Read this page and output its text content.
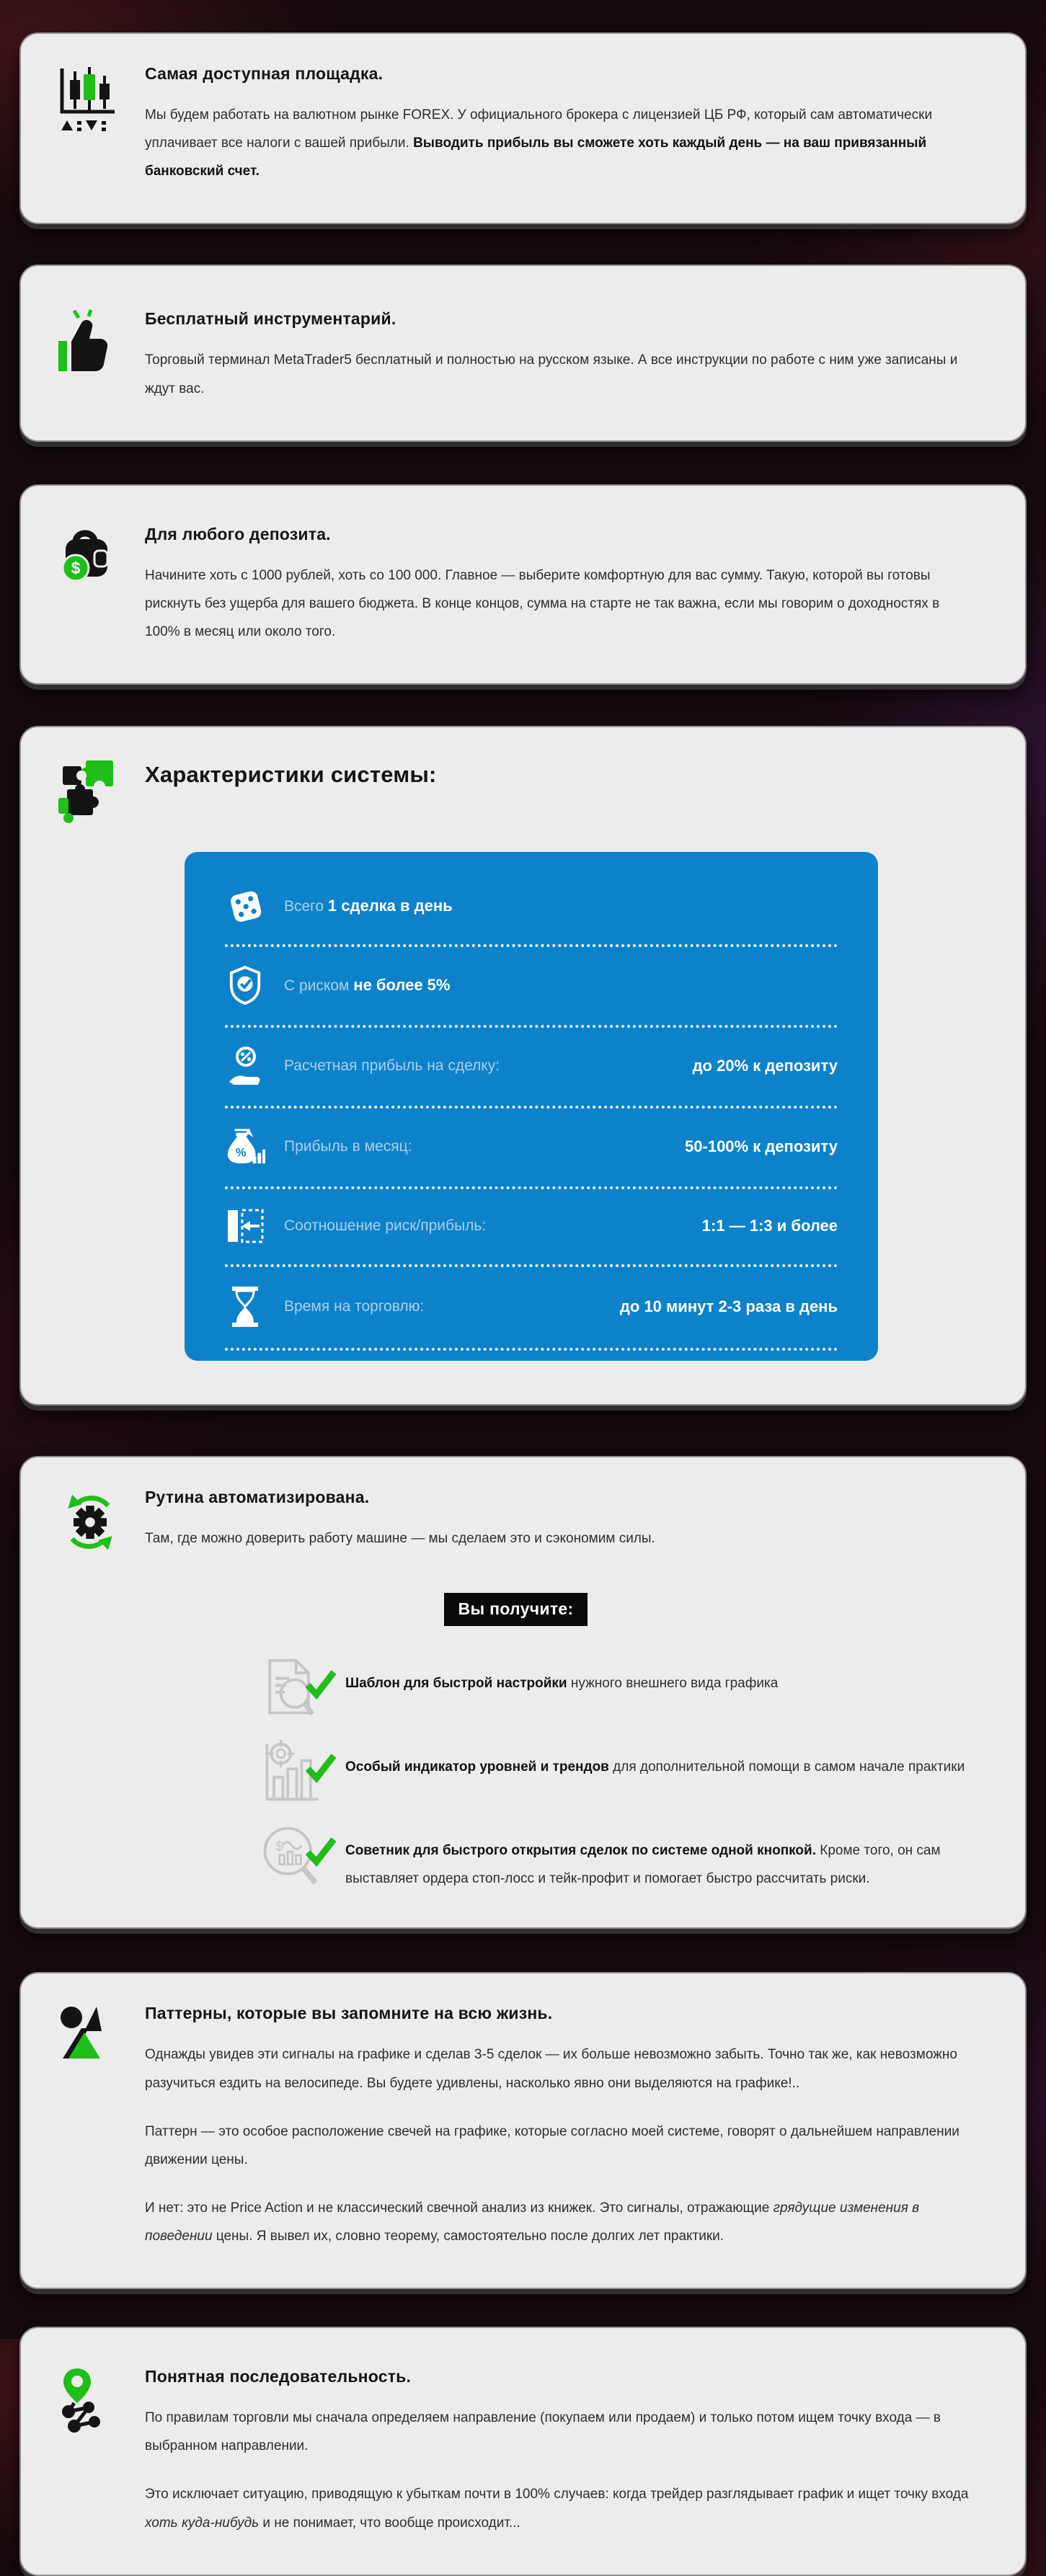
Самая доступная площадка.

Мы будем работать на валютном рынке FOREX. У официального брокера с лицензией ЦБ РФ, который сам автоматически уплачивает все налоги с вашей прибыли. Выводить прибыль вы сможете хоть каждый день — на ваш привязанный банковский счет.

Бесплатный инструментарий.

Торговый терминал MetaTrader5 бесплатный и полностью на русском языке. А все инструкции по работе с ним уже записаны и ждут вас.

$
Для любого депозита.

Начините хоть с 1000 рублей, хоть со 100 000. Главное — выберите комфортную для вас сумму. Такую, которой вы готовы рискнуть без ущерба для вашего бюджета. В конце концов, сумма на старте не так важна, если мы говорим о доходностях в 100% в месяц или около того.

Характеристики системы:
Всего 1 сделка в день
С риском не более 5%
Расчетная прибыль на сделку:	до 20% к депозиту
% Прибыль в месяц:	50-100% к депозиту
Соотношение риск/прибыль:	1:1 — 1:3 и более
Время на торговлю:	до 10 минут 2-3 раза в день
Рутина автоматизирована.

Там, где можно доверить работу машине — мы сделаем это и сэкономим силы.

Вы получите:

Шаблон для быстрой настройки нужного внешнего вида графика

Особый индикатор уровней и трендов для дополнительной помощи в самом начале практики

$	Советник для быстрого открытия сделок по системе одной кнопкой. Кроме того, он сам выставляет ордера стоп-лосс и тейк-профит и помогает быстро рассчитать риски.

Паттерны, которые вы запомните на всю жизнь.

Однажды увидев эти сигналы на графике и сделав 3-5 сделок — их больше невозможно забыть. Точно так же, как невозможно разучиться ездить на велосипеде. Вы будете удивлены, насколько явно они выделяются на графике!..

Паттерн — это особое расположение свечей на графике, которые согласно моей системе, говорят о дальнейшем направлении движении цены.

И нет: это не Price Action и не классический свечной анализ из книжек. Это сигналы, отражающие грядущие изменения в поведении цены. Я вывел их, словно теорему, самостоятельно после долгих лет практики.

Понятная последовательность.

По правилам торговли мы сначала определяем направление (покупаем или продаем) и только потом ищем точку входа — в выбранном направлении.

Это исключает ситуацию, приводящую к убыткам почти в 100% случаев: когда трейдер разглядывает график и ищет точку входа хоть куда-нибудь и не понимает, что вообще происходит...
